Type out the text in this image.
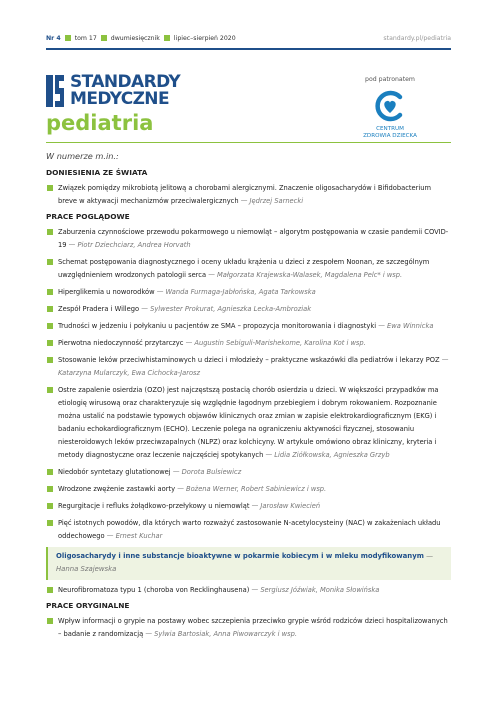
Nr 4 tom 17 dwumiesięcznik lipiec–sierpień 2020	standardy.pl/pediatria
STANDARDY
MEDYCZNE
pediatria
pod patronatem
CENTRUM
ZDROWIA DZIECKA
W numerze m.in.:
DONIESIENIA ZE ŚWIATA
Związek pomiędzy mikrobiotą jelitową a chorobami alergicznymi. Znaczenie oligosacharydów i Bifidobacterium breve w aktywacji mechanizmów przeciwalergicznych — Jędrzej Sarnecki
PRACE POGLĄDOWE
Zaburzenia czynnościowe przewodu pokarmowego u niemowląt – algorytm postępowania w czasie pandemii COVID-19 — Piotr Dziechciarz, Andrea Horvath
Schemat postępowania diagnostycznego i oceny układu krążenia u dzieci z zespołem Noonan, ze szczególnym uwzględnieniem wrodzonych patologii serca — Małgorzata Krajewska-Walasek, Magdalena Pelc* i wsp.
Hiperglikemia u noworodków — Wanda Furmaga-Jabłońska, Agata Tarkowska
Zespół Pradera i Willego — Sylwester Prokurat, Agnieszka Lecka-Ambroziak
Trudności w jedzeniu i połykaniu u pacjentów ze SMA – propozycja monitorowania i diagnostyki — Ewa Winnicka
Pierwotna niedoczynność przytarczyc — Augustin Sebiguli-Marishekome, Karolina Kot i wsp.
Stosowanie leków przeciwhistaminowych u dzieci i młodzieży – praktyczne wskazówki dla pediatrów i lekarzy POZ — Katarzyna Mularczyk, Ewa Cichocka-Jarosz
Ostre zapalenie osierdzia (OZO) jest najczęstszą postacią chorób osierdzia u dzieci. W większości przypadków ma etiologię wirusową oraz charakteryzuje się względnie łagodnym przebiegiem i dobrym rokowaniem. Rozpoznanie można ustalić na podstawie typowych objawów klinicznych oraz zmian w zapisie elektrokardiograficznym (EKG) i badaniu echokardiograficznym (ECHO). Leczenie polega na ograniczeniu aktywności fizycznej, stosowaniu niesteroidowych leków przeciwzapalnych (NLPZ) oraz kolchicyny. W artykule omówiono obraz kliniczny, kryteria i metody diagnostyczne oraz leczenie najczęściej spotykanych — Lidia Ziółkowska, Agnieszka Grzyb
Niedobór syntetazy glutationowej — Dorota Bulsiewicz
Wrodzone zwężenie zastawki aorty — Bożena Werner, Robert Sabiniewicz i wsp.
Regurgitacje i refluks żołądkowo-przełykowy u niemowląt — Jarosław Kwiecień
Pięć istotnych powodów, dla których warto rozważyć zastosowanie N-acetylocysteiny (NAC) w zakażeniach układu oddechowego — Ernest Kuchar
Oligosacharydy i inne substancje bioaktywne w pokarmie kobiecym i w mleku modyfikowanym — Hanna Szajewska
Neurofibromatoza typu 1 (choroba von Recklinghausena) — Sergiusz Jóźwiak, Monika Słowińska
PRACE ORYGINALNE
Wpływ informacji o grypie na postawy wobec szczepienia przeciwko grypie wśród rodziców dzieci hospitalizowanych – badanie z randomizacją — Sylwia Bartosiak, Anna Piwowarczyk i wsp.
